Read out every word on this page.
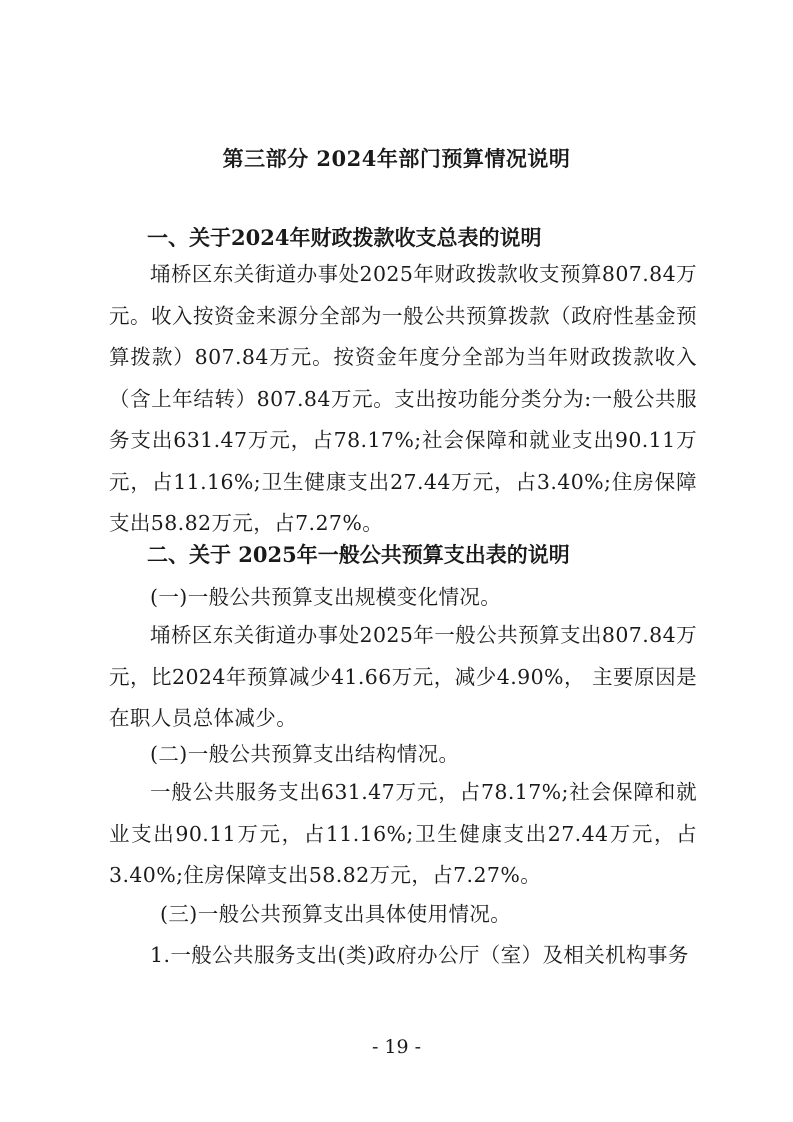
第三部分 2024年部门预算情况说明
一、关于2024年财政拨款收支总表的说明

埇桥区东关街道办事处2025年财政拨款收支预算807.84万元。收入按资金来源分全部为一般公共预算拨款（政府性基金预算拨款）807.84万元。按资金年度分全部为当年财政拨款收入（含上年结转）807.84万元。支出按功能分类分为:一般公共服务支出631.47万元，占78.17%;社会保障和就业支出90.11万元，占11.16%;卫生健康支出27.44万元，占3.40%;住房保障支出58.82万元，占7.27%。

二、关于 2025年一般公共预算支出表的说明

(一)一般公共预算支出规模变化情况。

埇桥区东关街道办事处2025年一般公共预算支出807.84万元，比2024年预算减少41.66万元，减少4.90%， 主要原因是在职人员总体减少。

(二)一般公共预算支出结构情况。

一般公共服务支出631.47万元，占78.17%;社会保障和就业支出90.11万元，占11.16%;卫生健康支出27.44万元，占3.40%;住房保障支出58.82万元，占7.27%。

(三)一般公共预算支出具体使用情况。

1.一般公共服务支出(类)政府办公厅（室）及相关机构事务

- 19 -
